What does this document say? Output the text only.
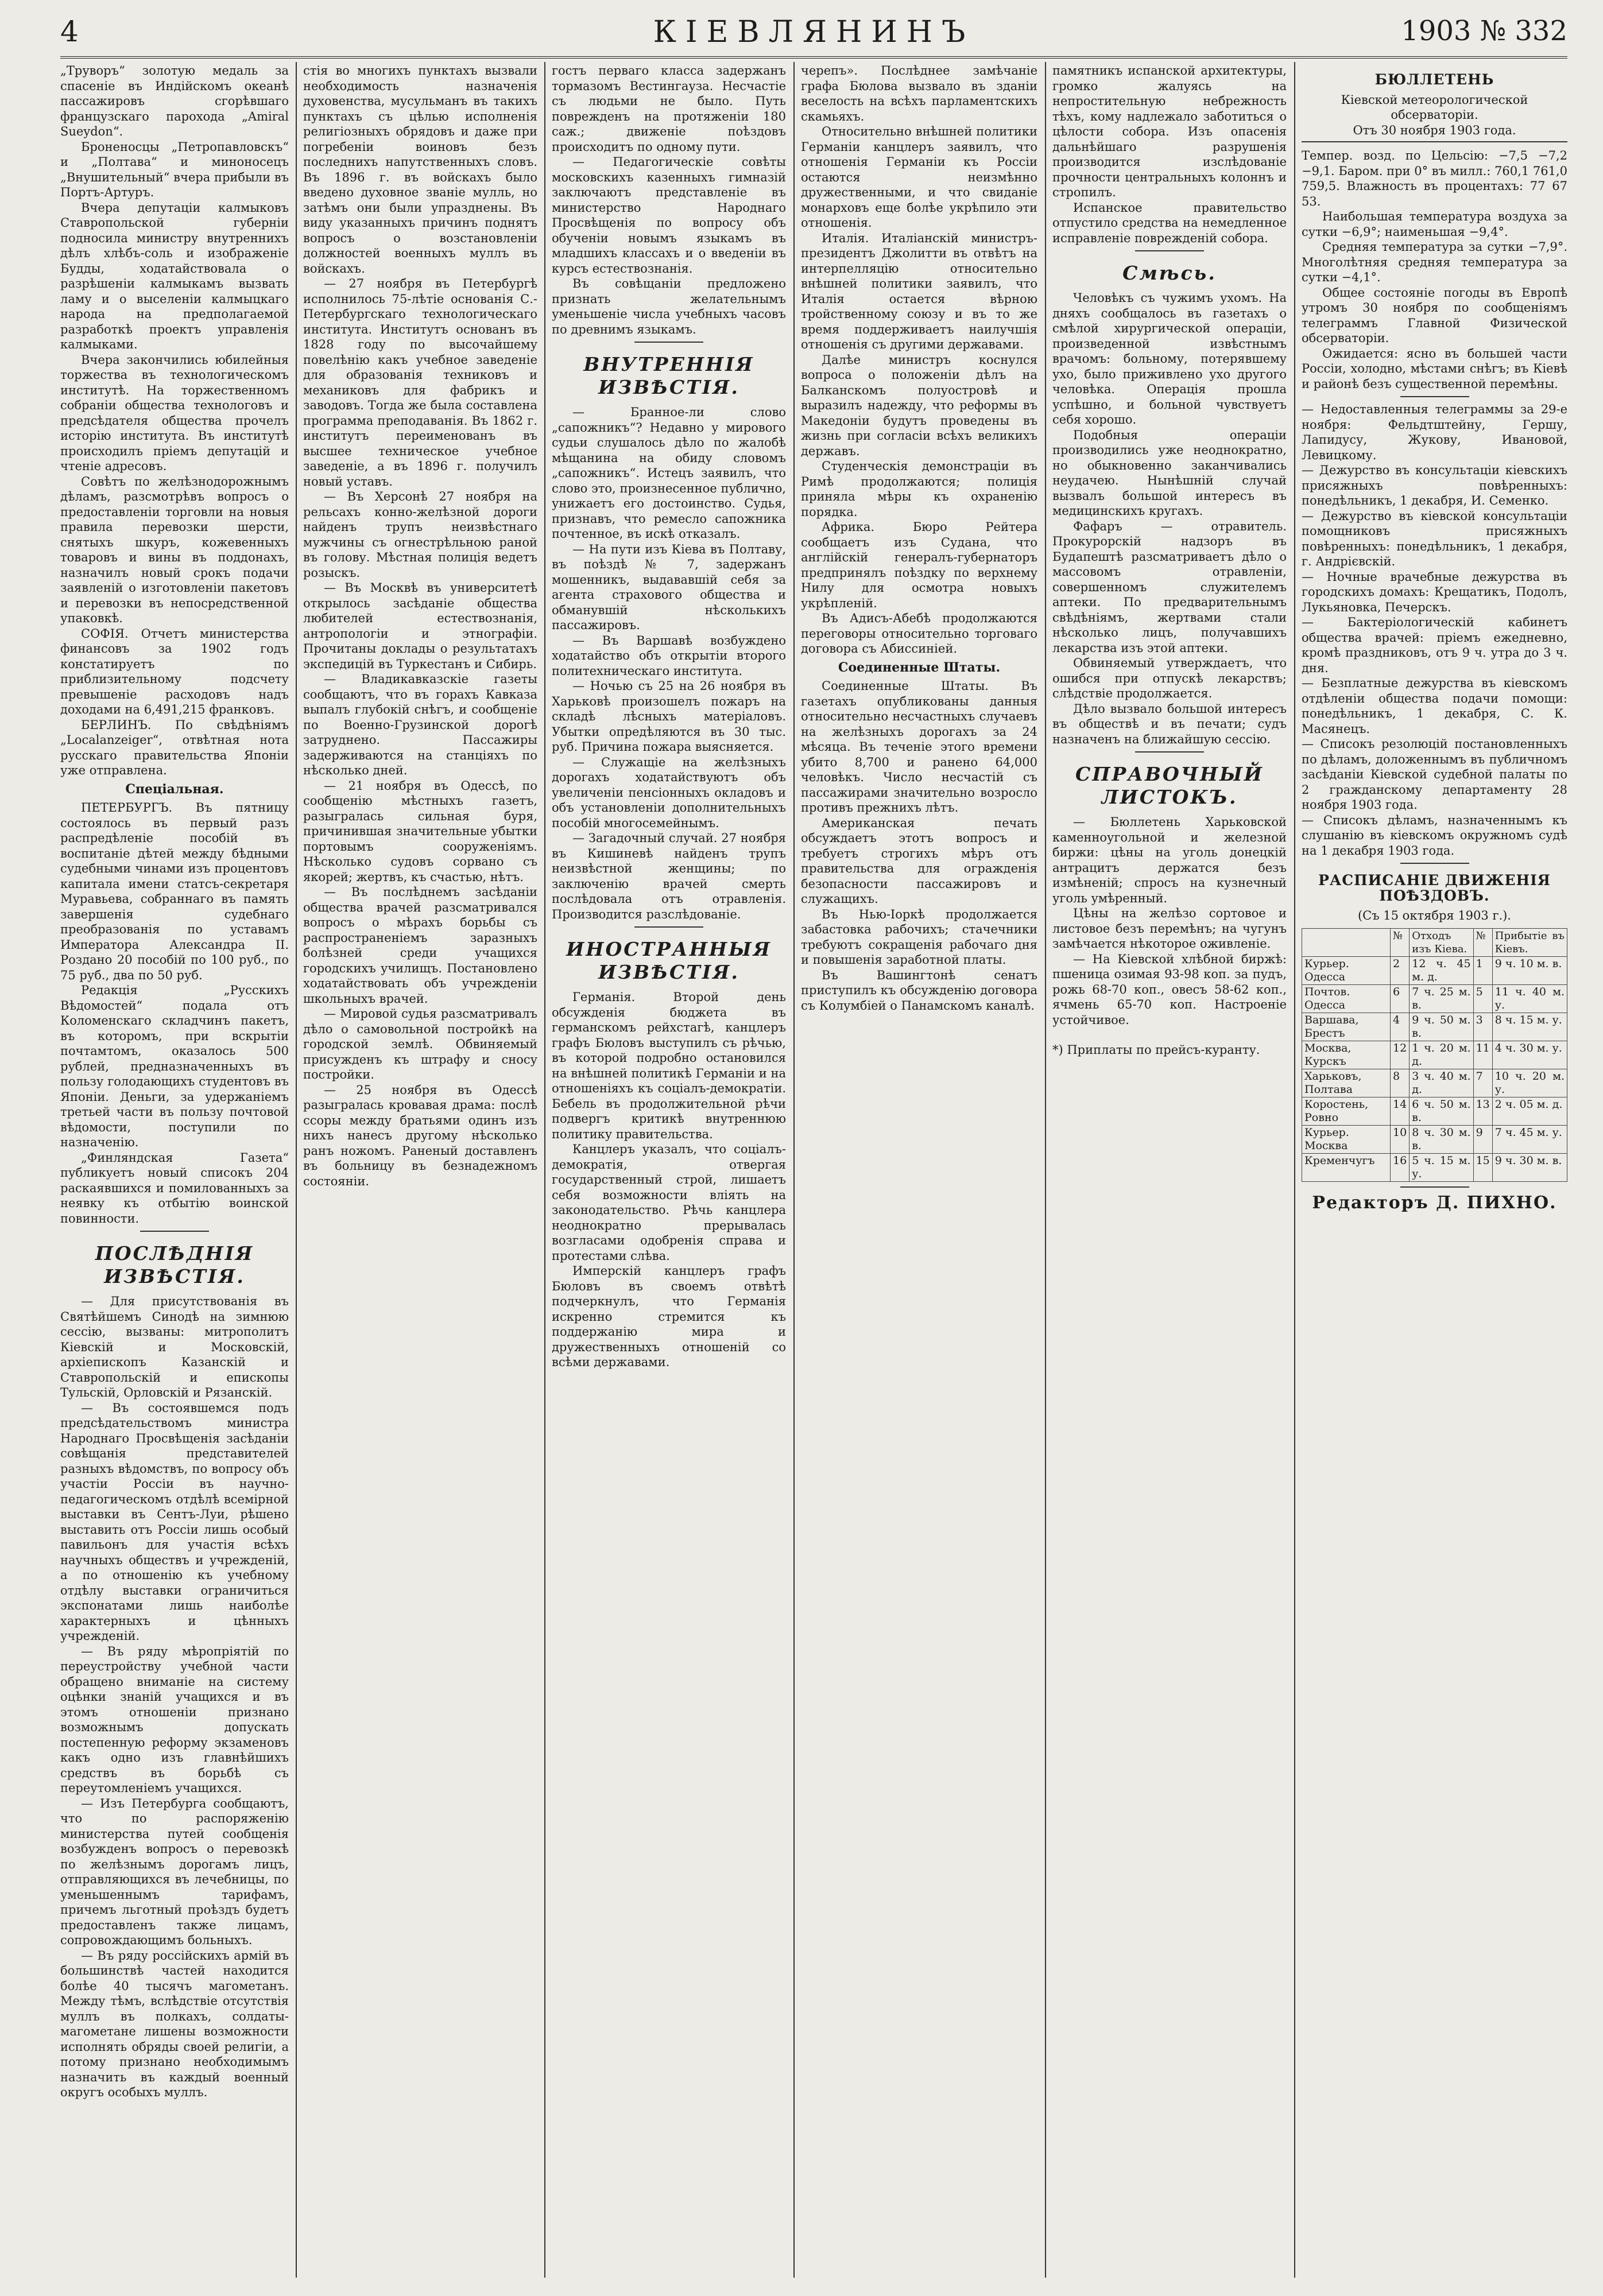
4	КІЕВЛЯНИНЪ	1903 № 332

„Труворъ“ золотую медаль за спасеніе въ Индійскомъ океанѣ пассажировъ сгорѣвшаго французскаго парохода „Amiral Sueydon“.

Броненосцы „Петропавловскъ“ и „Полтава“ и миноносецъ „Внушительный“ вчера прибыли въ Портъ-Артуръ.

Вчера депутаціи калмыковъ Ставропольской губерніи подносила министру внутреннихъ дѣлъ хлѣбъ-соль и изображеніе Будды, ходатайствовала о разрѣшеніи калмыкамъ вызвать ламу и о выселеніи калмыцкаго народа на предполагаемой разработкѣ проектъ управленія калмыками.

Вчера закончились юбилейныя торжества въ технологическомъ институтѣ. На торжественномъ собраніи общества технологовъ и предсѣдателя общества прочелъ исторію института. Въ институтѣ происходилъ пріемъ депутацій и чтеніе адресовъ.

Совѣтъ по желѣзнодорожнымъ дѣламъ, разсмотрѣвъ вопросъ о предоставленіи торговли на новыя правила перевозки шерсти, снятыхъ шкуръ, кожевенныхъ товаровъ и вины въ поддонахъ, назначилъ новый срокъ подачи заявленій о изготовленіи пакетовъ и перевозки въ непосредственной упаковкѣ.

СОФІЯ. Отчетъ министерства финансовъ за 1902 годъ констатируетъ по приблизительному подсчету превышеніе расходовъ надъ доходами на 6,491,215 франковъ.

БЕРЛИНЪ. По свѣдѣніямъ „Localanzeiger“, отвѣтная нота русскаго правительства Японіи уже отправлена.

Спеціальная.

ПЕТЕРБУРГЪ. Въ пятницу состоялось въ первый разъ распредѣленіе пособій въ воспитаніе дѣтей между бѣдными судебными чинами изъ процентовъ капитала имени статсъ-секретаря Муравьева, собраннаго въ память завершенія судебнаго преобразованія по уставамъ Императора Александра II. Роздано 20 пособій по 100 руб., по 75 руб., два по 50 руб.

Редакція „Русскихъ Вѣдомостей“ подала отъ Коломенскаго складчинъ пакетъ, въ которомъ, при вскрытіи почтамтомъ, оказалось 500 рублей, предназначенныхъ въ пользу голодающихъ студентовъ въ Японіи. Деньги, за удержаніемъ третьей части въ пользу почтовой вѣдомости, поступили по назначенію.

„Финляндская Газета“ публикуетъ новый списокъ 204 раскаявшихся и помилованныхъ за неявку къ отбытію воинской повинности.

ПОСЛѢДНІЯ ИЗВѢСТІЯ.

— Для присутствованія въ Святѣйшемъ Синодѣ на зимнюю сессію, вызваны: митрополитъ Кіевскій и Московскій, архіепископъ Казанскій и Ставропольскій и епископы Тульскій, Орловскій и Рязанскій.

— Въ состоявшемся подъ предсѣдательствомъ министра Народнаго Просвѣщенія засѣданіи совѣщанія представителей разныхъ вѣдомствъ, по вопросу объ участіи Россіи въ научно-педагогическомъ отдѣлѣ всемірной выставки въ Сентъ-Луи, рѣшено выставить отъ Россіи лишь особый павильонъ для участія всѣхъ научныхъ обществъ и учрежденій, а по отношенію къ учебному отдѣлу выставки ограничиться экспонатами лишь наиболѣе характерныхъ и цѣнныхъ учрежденій.

— Въ ряду мѣропріятій по переустройству учебной части обращено вниманіе на систему оцѣнки знаній учащихся и въ этомъ отношеніи признано возможнымъ допускать постепенную реформу экзаменовъ какъ одно изъ главнѣйшихъ средствъ въ борьбѣ съ переутомленіемъ учащихся.

— Изъ Петербурга сообщаютъ, что по распоряженію министерства путей сообщенія возбужденъ вопросъ о перевозкѣ по желѣзнымъ дорогамъ лицъ, отправляющихся въ лечебницы, по уменьшеннымъ тарифамъ, причемъ льготный проѣздъ будетъ предоставленъ также лицамъ, сопровождающимъ больныхъ.

— Въ ряду россійскихъ армій въ большинствѣ частей находится болѣе 40 тысячъ магометанъ. Между тѣмъ, вслѣдствіе отсутствія муллъ въ полкахъ, солдаты-магометане лишены возможности исполнять обряды своей религіи, а потому признано необходимымъ назначить въ каждый военный округъ особыхъ муллъ.

стія во многихъ пунктахъ вызвали необходимость назначенія духовенства, мусульманъ въ такихъ пунктахъ съ цѣлью исполненія религіозныхъ обрядовъ и даже при погребеніи воиновъ безъ последнихъ напутственныхъ словъ. Въ 1896 г. въ войскахъ было введено духовное званіе мулль, но затѣмъ они были упразднены. Въ виду указанныхъ причинъ поднятъ вопросъ о возстановленіи должностей военныхъ муллъ въ войскахъ.

— 27 ноября въ Петербургѣ исполнилось 75-лѣтіе основанія С.-Петербургскаго технологическаго института. Институтъ основанъ въ 1828 году по высочайшему повелѣнію какъ учебное заведеніе для образованія техниковъ и механиковъ для фабрикъ и заводовъ. Тогда же была составлена программа преподаванія. Въ 1862 г. институтъ переименованъ въ высшее техническое учебное заведеніе, а въ 1896 г. получилъ новый уставъ.

— Въ Херсонѣ 27 ноября на рельсахъ конно-желѣзной дороги найденъ трупъ неизвѣстнаго мужчины съ огнестрѣльною раной въ голову. Мѣстная полиція ведетъ розыскъ.

— Въ Москвѣ въ университетѣ открылось засѣданіе общества любителей естествознанія, антропологіи и этнографіи. Прочитаны доклады о результатахъ экспедицій въ Туркестанъ и Сибирь.

— Владикавказскіе газеты сообщаютъ, что въ горахъ Кавказа выпалъ глубокій снѣгъ, и сообщеніе по Военно-Грузинской дорогѣ затруднено. Пассажиры задерживаются на станціяхъ по нѣсколько дней.

— 21 ноября въ Одессѣ, по сообщенію мѣстныхъ газетъ, разыгралась сильная буря, причинившая значительные убытки портовымъ сооруженіямъ. Нѣсколько судовъ сорвано съ якорей; жертвъ, къ счастью, нѣтъ.

— Въ послѣднемъ засѣданіи общества врачей разсматривался вопросъ о мѣрахъ борьбы съ распространеніемъ заразныхъ болѣзней среди учащихся городскихъ училищъ. Постановлено ходатайствовать объ учрежденіи школьныхъ врачей.

— Мировой судья разсматривалъ дѣло о самовольной постройкѣ на городской землѣ. Обвиняемый присужденъ къ штрафу и сносу постройки.

— 25 ноября въ Одессѣ разыгралась кровавая драма: послѣ ссоры между братьями одинъ изъ нихъ нанесъ другому нѣсколько ранъ ножомъ. Раненый доставленъ въ больницу въ безнадежномъ состояніи.

гостъ перваго класса задержанъ тормазомъ Вестингауза. Несчастіе съ людьми не было. Путь поврежденъ на протяженіи 180 саж.; движеніе поѣздовъ происходитъ по одному пути.

— Педагогическіе совѣты московскихъ казенныхъ гимназій заключаютъ представленіе въ министерство Народнаго Просвѣщенія по вопросу объ обученіи новымъ языкамъ въ младшихъ классахъ и о введеніи въ курсъ естествознанія.

Въ совѣщаніи предложено признать желательнымъ уменьшеніе числа учебныхъ часовъ по древнимъ языкамъ.

ВНУТРЕННІЯ ИЗВѢСТІЯ.

— Бранное-ли слово „сапожникъ“? Недавно у мирового судьи слушалось дѣло по жалобѣ мѣщанина на обиду словомъ „сапожникъ“. Истецъ заявилъ, что слово это, произнесенное публично, унижаетъ его достоинство. Судья, признавъ, что ремесло сапожника почтенное, въ искѣ отказалъ.

— На пути изъ Кіева въ Полтаву, въ поѣздѣ № 7, задержанъ мошенникъ, выдававшій себя за агента страхового общества и обманувшій нѣсколькихъ пассажировъ.

— Въ Варшавѣ возбуждено ходатайство объ открытіи второго политехническаго института.

— Ночью съ 25 на 26 ноября въ Харьковѣ произошелъ пожаръ на складѣ лѣсныхъ матеріаловъ. Убытки опредѣляются въ 30 тыс. руб. Причина пожара выясняется.

— Служащіе на желѣзныхъ дорогахъ ходатайствуютъ объ увеличеніи пенсіонныхъ окладовъ и объ установленіи дополнительныхъ пособій многосемейнымъ.

— Загадочный случай. 27 ноября въ Кишиневѣ найденъ трупъ неизвѣстной женщины; по заключенію врачей смерть послѣдовала отъ отравленія. Производится разслѣдованіе.

ИНОСТРАННЫЯ ИЗВѢСТІЯ.

Германія. Второй день обсужденія бюджета въ германскомъ рейхстагѣ, канцлеръ графъ Бюловъ выступилъ съ рѣчью, въ которой подробно остановился на внѣшней политикѣ Германіи и на отношеніяхъ къ соціалъ-демократіи. Бебель въ продолжительной рѣчи подвергъ критикѣ внутреннюю политику правительства.

Канцлеръ указалъ, что соціалъ-демократія, отвергая государственный строй, лишаетъ себя возможности вліять на законодательство. Рѣчь канцлера неоднократно прерывалась возгласами одобренія справа и протестами слѣва.

Имперскій канцлеръ графъ Бюловъ въ своемъ отвѣтѣ подчеркнулъ, что Германія искренно стремится къ поддержанію мира и дружественныхъ отношеній со всѣми державами.

черепъ». Послѣднее замѣчаніе графа Бюлова вызвало въ зданіи веселость на всѣхъ парламентскихъ скамьяхъ.

Относительно внѣшней политики Германіи канцлеръ заявилъ, что отношенія Германіи къ Россіи остаются неизмѣнно дружественными, и что свиданіе монарховъ еще болѣе укрѣпило эти отношенія.

Италія. Италіанскій министръ-президентъ Джолитти въ отвѣтъ на интерпелляцію относительно внѣшней политики заявилъ, что Италія остается вѣрною тройственному союзу и въ то же время поддерживаетъ наилучшія отношенія съ другими державами.

Далѣе министръ коснулся вопроса о положеніи дѣлъ на Балканскомъ полуостровѣ и выразилъ надежду, что реформы въ Македоніи будутъ проведены въ жизнь при согласіи всѣхъ великихъ державъ.

Студенческія демонстраціи въ Римѣ продолжаются; полиція приняла мѣры къ охраненію порядка.

Африка. Бюро Рейтера сообщаетъ изъ Судана, что англійскій генералъ-губернаторъ предпринялъ поѣздку по верхнему Нилу для осмотра новыхъ укрѣпленій.

Въ Адисъ-Абебѣ продолжаются переговоры относительно торговаго договора съ Абиссиніей.

Соединенные Штаты.

Соединенные Штаты. Въ газетахъ опубликованы данныя относительно несчастныхъ случаевъ на желѣзныхъ дорогахъ за 24 мѣсяца. Въ теченіе этого времени убито 8,700 и ранено 64,000 человѣкъ. Число несчастій съ пассажирами значительно возросло противъ прежнихъ лѣтъ.

Американская печать обсуждаетъ этотъ вопросъ и требуетъ строгихъ мѣръ отъ правительства для огражденія безопасности пассажировъ и служащихъ.

Въ Нью-Іоркѣ продолжается забастовка рабочихъ; стачечники требуютъ сокращенія рабочаго дня и повышенія заработной платы.

Въ Вашингтонѣ сенатъ приступилъ къ обсужденію договора съ Колумбіей о Панамскомъ каналѣ.

памятникъ испанской архитектуры, громко жалуясь на непростительную небрежность тѣхъ, кому надлежало заботиться о цѣлости собора. Изъ опасенія дальнѣйшаго разрушенія производится изслѣдованіе прочности центральныхъ колоннъ и стропилъ.

Испанское правительство отпустило средства на немедленное исправленіе поврежденій собора.

Смѣсь.

Человѣкъ съ чужимъ ухомъ. На дняхъ сообщалось въ газетахъ о смѣлой хирургической операціи, произведенной извѣстнымъ врачомъ: больному, потерявшему ухо, было приживлено ухо другого человѣка. Операція прошла успѣшно, и больной чувствуетъ себя хорошо.

Подобныя операціи производились уже неоднократно, но обыкновенно заканчивались неудачею. Нынѣшній случай вызвалъ большой интересъ въ медицинскихъ кругахъ.

Фафаръ — отравитель. Прокурорскій надзоръ въ Будапештѣ разсматриваетъ дѣло о массовомъ отравленіи, совершенномъ служителемъ аптеки. По предварительнымъ свѣдѣніямъ, жертвами стали нѣсколько лицъ, получавшихъ лекарства изъ этой аптеки.

Обвиняемый утверждаетъ, что ошибся при отпускѣ лекарствъ; слѣдствіе продолжается.

Дѣло вызвало большой интересъ въ обществѣ и въ печати; судъ назначенъ на ближайшую сессію.

СПРАВОЧНЫЙ ЛИСТОКЪ.

— Бюллетень Харьковской каменноугольной и железной биржи: цѣны на уголь донецкій антрацитъ держатся безъ измѣненій; спросъ на кузнечный уголь умѣренный.

Цѣны на желѣзо сортовое и листовое безъ перемѣнъ; на чугунъ замѣчается нѣкоторое оживленіе.

— На Кіевской хлѣбной биржѣ: пшеница озимая 93-98 коп. за пудъ, рожь 68-70 коп., овесъ 58-62 коп., ячмень 65-70 коп. Настроеніе устойчивое.

*) Приплаты по прейсъ-куранту.

БЮЛЛЕТЕНЬ
Кіевской метеорологической обсерваторіи.
Отъ 30 ноября 1903 года.

Темпер. возд. по Цельсію: −7,5 −7,2 −9,1. Баром. при 0° въ милл.: 760,1 761,0 759,5. Влажность въ процентахъ: 77 67 53.

Наибольшая температура воздуха за сутки −6,9°; наименьшая −9,4°.

Средняя температура за сутки −7,9°. Многолѣтняя средняя температура за сутки −4,1°.

Общее состояніе погоды въ Европѣ утромъ 30 ноября по сообщеніямъ телеграммъ Главной Физической обсерваторіи.

Ожидается: ясно въ большей части Россіи, холодно, мѣстами снѣгъ; въ Кіевѣ и районѣ безъ существенной перемѣны.

— Недоставленныя телеграммы за 29-е ноября: Фельдтштейну, Гершу, Лапидусу, Жукову, Ивановой, Левицкому.

— Дежурство въ консультаціи кіевскихъ присяжныхъ повѣренныхъ: понедѣльникъ, 1 декабря, И. Семенко.

— Дежурство въ кіевской консультаціи помощниковъ присяжныхъ повѣренныхъ: понедѣльникъ, 1 декабря, г. Андрієвскій.

— Ночные врачебные дежурства въ городскихъ домахъ: Крещатикъ, Подолъ, Лукьяновка, Печерскъ.

— Бактеріологическій кабинетъ общества врачей: пріемъ ежедневно, кромѣ праздниковъ, отъ 9 ч. утра до 3 ч. дня.

— Безплатные дежурства въ кіевскомъ отдѣленіи общества подачи помощи: понедѣльникъ, 1 декабря, С. К. Масянецъ.

— Списокъ резолюцій постановленныхъ по дѣламъ, доложеннымъ въ публичномъ засѣданіи Кіевской судебной палаты по 2 гражданскому департаменту 28 ноября 1903 года.

— Списокъ дѣламъ, назначеннымъ къ слушанію въ кіевскомъ окружномъ судѣ на 1 декабря 1903 года.

РАСПИСАНІЕ ДВИЖЕНІЯ ПОѢЗДОВЪ.
(Съ 15 октября 1903 г.).
	№	Отходъ изъ Кіева.	№	Прибытіе въ Кіевъ.
Курьер. Одесса	2	12 ч. 45 м. д.	1	9 ч. 10 м. в.
Почтов. Одесса	6	7 ч. 25 м. в.	5	11 ч. 40 м. у.
Варшава, Брестъ	4	9 ч. 50 м. в.	3	8 ч. 15 м. у.
Москва, Курскъ	12	1 ч. 20 м. д.	11	4 ч. 30 м. у.
Харьковъ, Полтава	8	3 ч. 40 м. д.	7	10 ч. 20 м. у.
Коростень, Ровно	14	6 ч. 50 м. в.	13	2 ч. 05 м. д.
Курьер. Москва	10	8 ч. 30 м. в.	9	7 ч. 45 м. у.
Кременчугъ	16	5 ч. 15 м. у.	15	9 ч. 30 м. в.
Редакторъ Д. ПИХНО.
